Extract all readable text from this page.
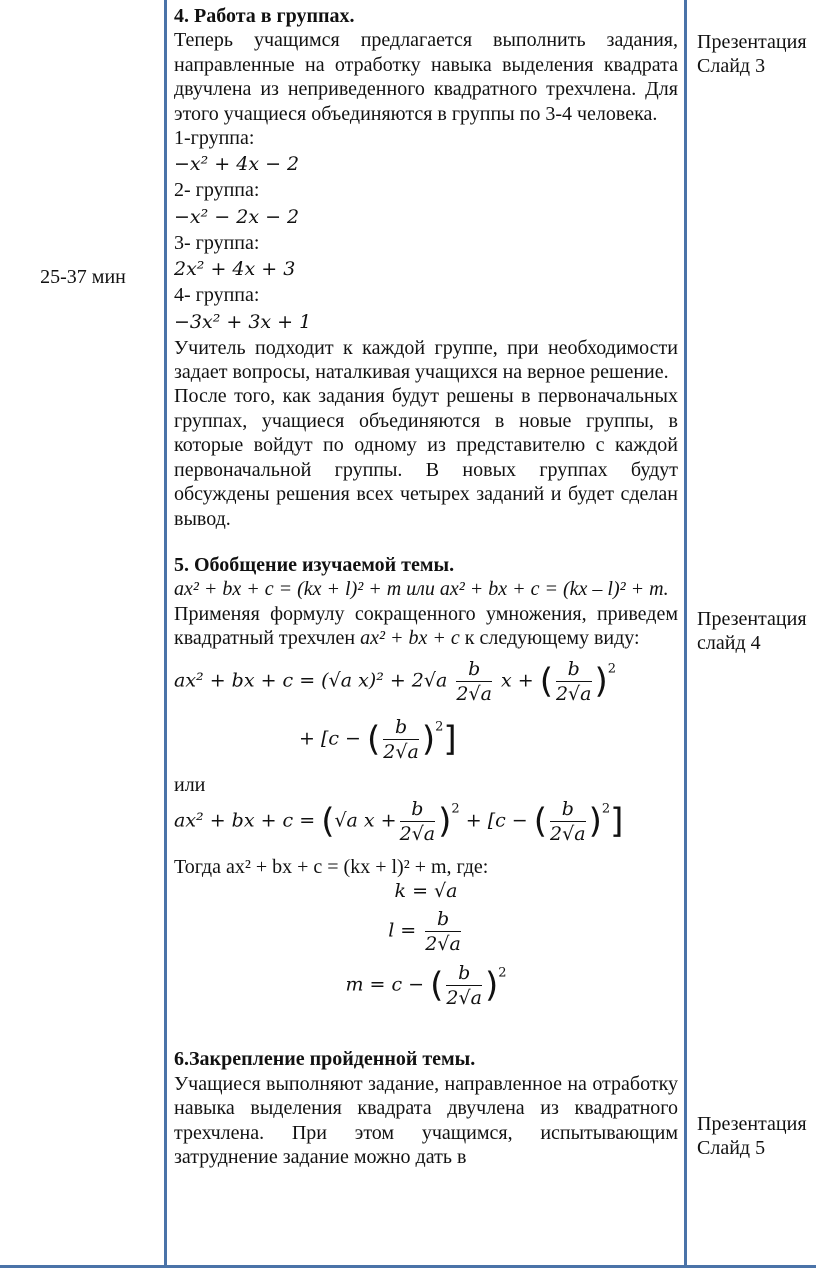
25-37 мин
Презентация
Слайд 3
Презентация
слайд 4
Презентация
Слайд 5

4. Работа в группах.

Теперь учащимся предлагается выполнить задания, направленные на отработку навыка выделения квадрата двучлена из неприведенного квадратного трехчлена. Для этого учащиеся объединяются в группы по 3-4 человека.

1-группа:

−x² + 4x − 2

2- группа:

−x² − 2x − 2

3- группа:

2x² + 4x + 3

4- группа:

−3x² + 3x + 1

Учитель подходит к каждой группе, при необходимости задает вопросы, наталкивая учащихся на верное решение.

После того, как задания будут решены в первоначальных группах, учащиеся объединяются в новые группы, в которые войдут по одному из представителю с каждой первоначальной группы. В новых группах будут обсуждены решения всех четырех заданий и будет сделан вывод.

5. Обобщение изучаемой темы.

ax² + bx + c = (kx + l)² + m или ax² + bx + c = (kx – l)² + m.

Применяя формулу сокращенного умножения, приведем квадратный трехчлен ax² + bx + c к следующему виду:

ax² + bx + c = (√a $x)^2 + 2√a \frac{b}{2√a}$ x + ( $\frac{b}{2√a} )^2$
+ [c − ( $\frac{b}{2√a} )^2$]

или

ax² + bx + c = (√a $x + \frac{b}{2√a} )^2 + [c$ − ( $\frac{b}{2√a} )^2$]

Тогда ax² + bx + c = (kx + l)² + m, где:

k = √a
$l = \frac{b}{2√a}$
m = c − ( $\frac{b}{2√a} )^2$

6.Закрепление пройденной темы.

Учащиеся выполняют задание, направленное на отработку навыка выделения квадрата двучлена из квадратного трехчлена. При этом учащимся, испытывающим затруднение задание можно дать в
